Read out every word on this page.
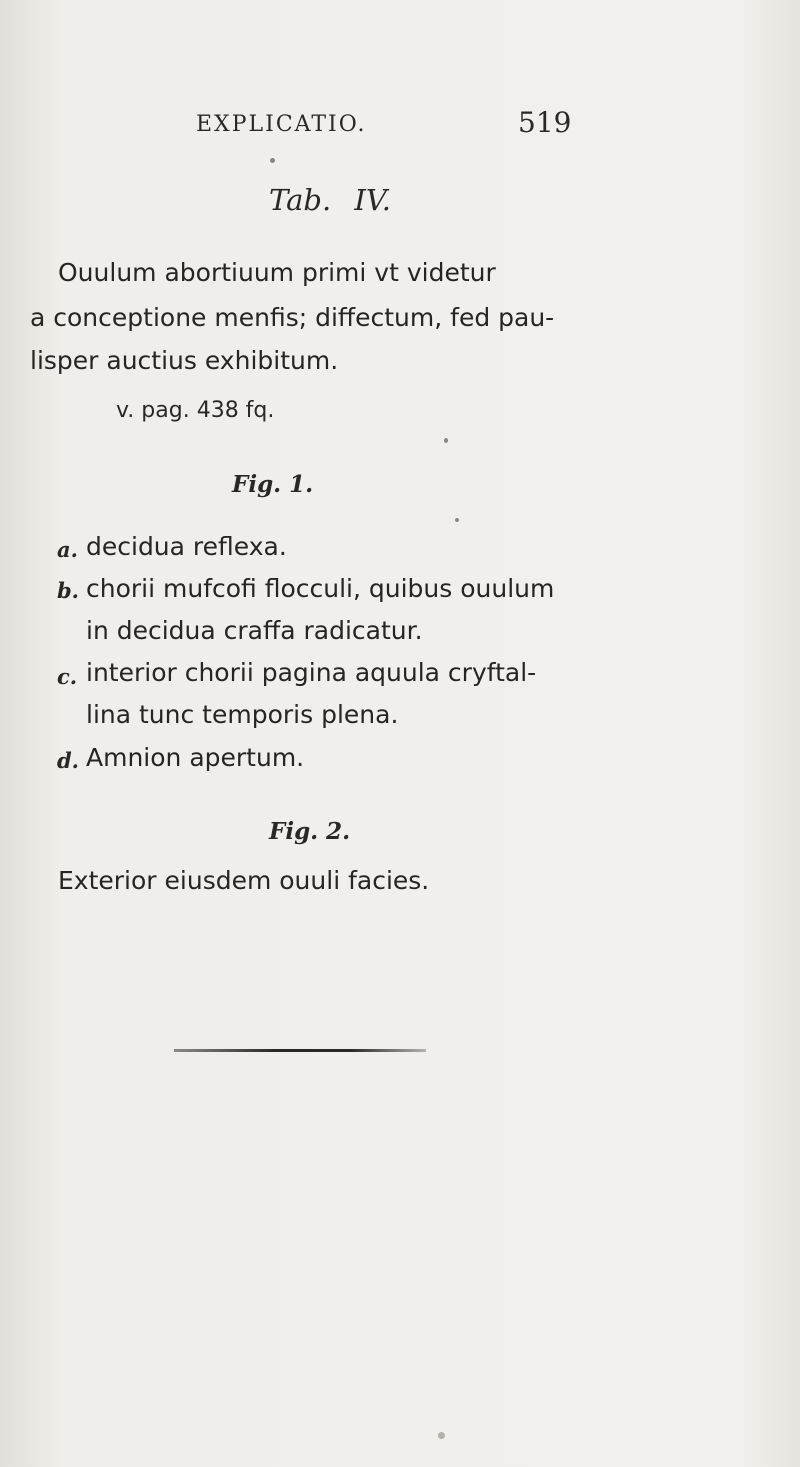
EXPLICATIO.	519
Tab. IV.
Ouulum abortiuum primi vt videtur
a conceptione menfis; diffectum, fed pau-
lisper auctius exhibitum.
v. pag. 438 fq.
Fig. 1.
a. decidua reflexa.
b. chorii mufcofi flocculi, quibus ouulum
in decidua craffa radicatur.
c. interior chorii pagina aquula cryftal-
lina tunc temporis plena.
d. Amnion apertum.
Fig. 2.
Exterior eiusdem ouuli facies.
